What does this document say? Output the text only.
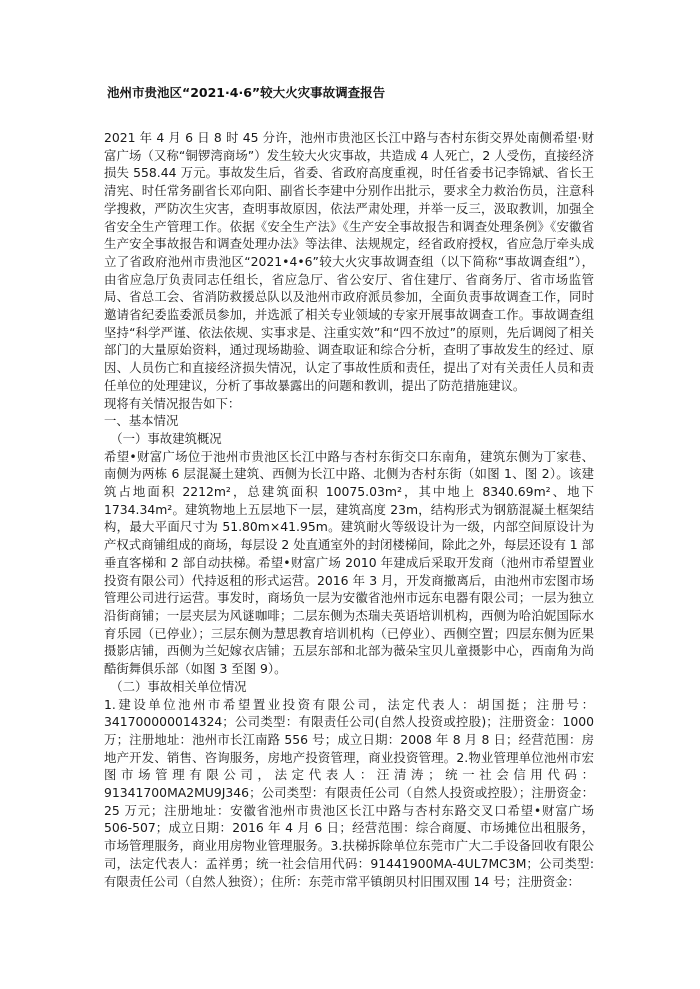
池州市贵池区“2021·4·6”较大火灾事故调查报告

2021 年 4 月 6 日 8 时 45 分许，池州市贵池区长江中路与杏村东街交界处南侧希望·财富广场（又称“铜锣湾商场”）发生较大火灾事故，共造成 4 人死亡，2 人受伤，直接经济损失 558.44 万元。事故发生后，省委、省政府高度重视，时任省委书记李锦斌、省长王清宪、时任常务副省长邓向阳、副省长李建中分别作出批示，要求全力救治伤员，注意科学搜救，严防次生灾害，查明事故原因，依法严肃处理，并举一反三，汲取教训，加强全省安全生产管理工作。依据《安全生产法》《生产安全事故报告和调查处理条例》《安徽省生产安全事故报告和调查处理办法》等法律、法规规定，经省政府授权，省应急厅牵头成立了省政府池州市贵池区“2021•4•6”较大火灾事故调查组（以下简称“事故调查组”），由省应急厅负责同志任组长，省应急厅、省公安厅、省住建厅、省商务厅、省市场监管局、省总工会、省消防救援总队以及池州市政府派员参加，全面负责事故调查工作，同时邀请省纪委监委派员参加，并选派了相关专业领域的专家开展事故调查工作。事故调查组坚持“科学严谨、依法依规、实事求是、注重实效”和“四不放过”的原则，先后调阅了相关部门的大量原始资料，通过现场勘验、调查取证和综合分析，查明了事故发生的经过、原因、人员伤亡和直接经济损失情况，认定了事故性质和责任，提出了对有关责任人员和责任单位的处理建议，分析了事故暴露出的问题和教训，提出了防范措施建议。

现将有关情况报告如下：

一、基本情况

（一）事故建筑概况

希望•财富广场位于池州市贵池区长江中路与杏村东街交口东南角，建筑东侧为丁家巷、南侧为两栋 6 层混凝土建筑、西侧为长江中路、北侧为杏村东街（如图 1、图 2）。该建筑占地面积 2212m²，总建筑面积 10075.03m²，其中地上 8340.69m²、地下 1734.34m²。建筑物地上五层地下一层，建筑高度 23m，结构形式为钢筋混凝土框架结构，最大平面尺寸为 51.80m×41.95m。建筑耐火等级设计为一级，内部空间原设计为产权式商铺组成的商场，每层设 2 处直通室外的封闭楼梯间，除此之外，每层还设有 1 部垂直客梯和 2 部自动扶梯。希望•财富广场 2010 年建成后采取开发商（池州市希望置业投资有限公司）代持返租的形式运营。2016 年 3 月，开发商撤离后，由池州市宏图市场管理公司进行运营。事发时，商场负一层为安徽省池州市远东电器有限公司；一层为独立沿街商铺；一层夹层为风谜咖啡；二层东侧为杰瑞夫英语培训机构，西侧为哈泊妮国际水育乐园（已停业）；三层东侧为慧思教育培训机构（已停业）、西侧空置；四层东侧为匠果摄影店铺，西侧为兰妃嫁衣店铺；五层东部和北部为薇朵宝贝儿童摄影中心，西南角为尚酷街舞俱乐部（如图 3 至图 9）。

（二）事故相关单位情况

1.建设单位池州市希望置业投资有限公司，法定代表人：胡国挺；注册号：341700000014324；公司类型：有限责任公司(自然人投资或控股)；注册资金：1000 万；注册地址：池州市长江南路 556 号；成立日期：2008 年 8 月 8 日；经营范围：房地产开发、销售、咨询服务，房地产投资管理，商业投资管理。2.物业管理单位池州市宏图市场管理有限公司，法定代表人：汪清涛；统一社会信用代码：91341700MA2MU9J346；公司类型：有限责任公司（自然人投资或控股）；注册资金：25 万元；注册地址：安徽省池州市贵池区长江中路与杏村东路交叉口希望•财富广场 506-507；成立日期：2016 年 4 月 6 日；经营范围：综合商厦、市场摊位出租服务，市场管理服务，商业用房物业管理服务。3.扶梯拆除单位东莞市广大二手设备回收有限公司，法定代表人：孟祥勇；统一社会信用代码：91441900MA-4UL7MC3M；公司类型:有限责任公司（自然人独资）；住所：东莞市常平镇朗贝村旧围双围 14 号；注册资金：
